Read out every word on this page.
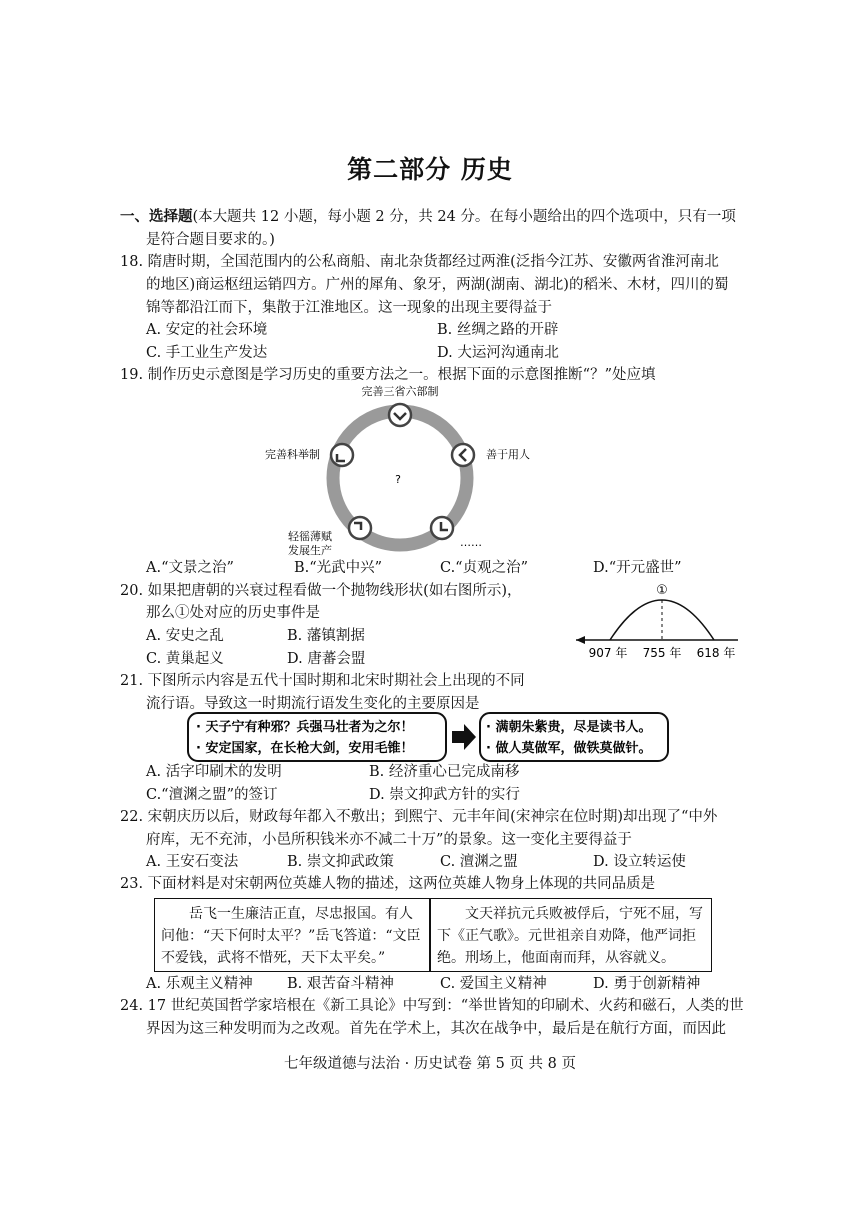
第二部分 历史
一、选择题(本大题共 12 小题，每小题 2 分，共 24 分。在每小题给出的四个选项中，只有一项
是符合题目要求的。)
18. 隋唐时期，全国范围内的公私商船、南北杂货都经过两淮(泛指今江苏、安徽两省淮河南北
的地区)商运枢纽运销四方。广州的犀角、象牙，两湖(湖南、湖北)的稻米、木材，四川的蜀
锦等都沿江而下，集散于江淮地区。这一现象的出现主要得益于
A. 安定的社会环境	B. 丝绸之路的开辟
C. 手工业生产发达	D. 大运河沟通南北
19. 制作历史示意图是学习历史的重要方法之一。根据下面的示意图推断“？”处应填
完善三省六部制
善于用人
完善科举制
?
轻徭薄赋
发展生产
……
A.“文景之治”	B.“光武中兴”	C.“贞观之治”	D.“开元盛世”
20. 如果把唐朝的兴衰过程看做一个抛物线形状(如右图所示)，
那么①处对应的历史事件是
A. 安史之乱	B. 藩镇割据
C. 黄巢起义	D. 唐蕃会盟
①
907 年 755 年 618 年
21. 下图所示内容是五代十国时期和北宋时期社会上出现的不同
流行语。导致这一时期流行语发生变化的主要原因是
· 天子宁有种邪？兵强马壮者为之尔！
· 安定国家，在长枪大剑，安用毛锥！
· 满朝朱紫贵，尽是读书人。
· 做人莫做军，做铁莫做针。
A. 活字印刷术的发明	B. 经济重心已完成南移
C.“澶渊之盟”的签订	D. 崇文抑武方针的实行
22. 宋朝庆历以后，财政每年都入不敷出；到熙宁、元丰年间(宋神宗在位时期)却出现了“中外
府库，无不充沛，小邑所积钱米亦不减二十万”的景象。这一变化主要得益于
A. 王安石变法	B. 崇文抑武政策	C. 澶渊之盟	D. 设立转运使
23. 下面材料是对宋朝两位英雄人物的描述，这两位英雄人物身上体现的共同品质是
岳飞一生廉洁正直，尽忠报国。有人问他：“天下何时太平？”岳飞答道：“文臣不爱钱，武将不惜死，天下太平矣。”
文天祥抗元兵败被俘后，宁死不屈，写下《正气歌》。元世祖亲自劝降，他严词拒绝。刑场上，他面南而拜，从容就义。
A. 乐观主义精神 B. 艰苦奋斗精神	C. 爱国主义精神	D. 勇于创新精神
24. 17 世纪英国哲学家培根在《新工具论》中写到：“举世皆知的印刷术、火药和磁石，人类的世
界因为这三种发明而为之改观。首先在学术上，其次在战争中，最后是在航行方面，而因此
七年级道德与法治 · 历史试卷 第 5 页 共 8 页
